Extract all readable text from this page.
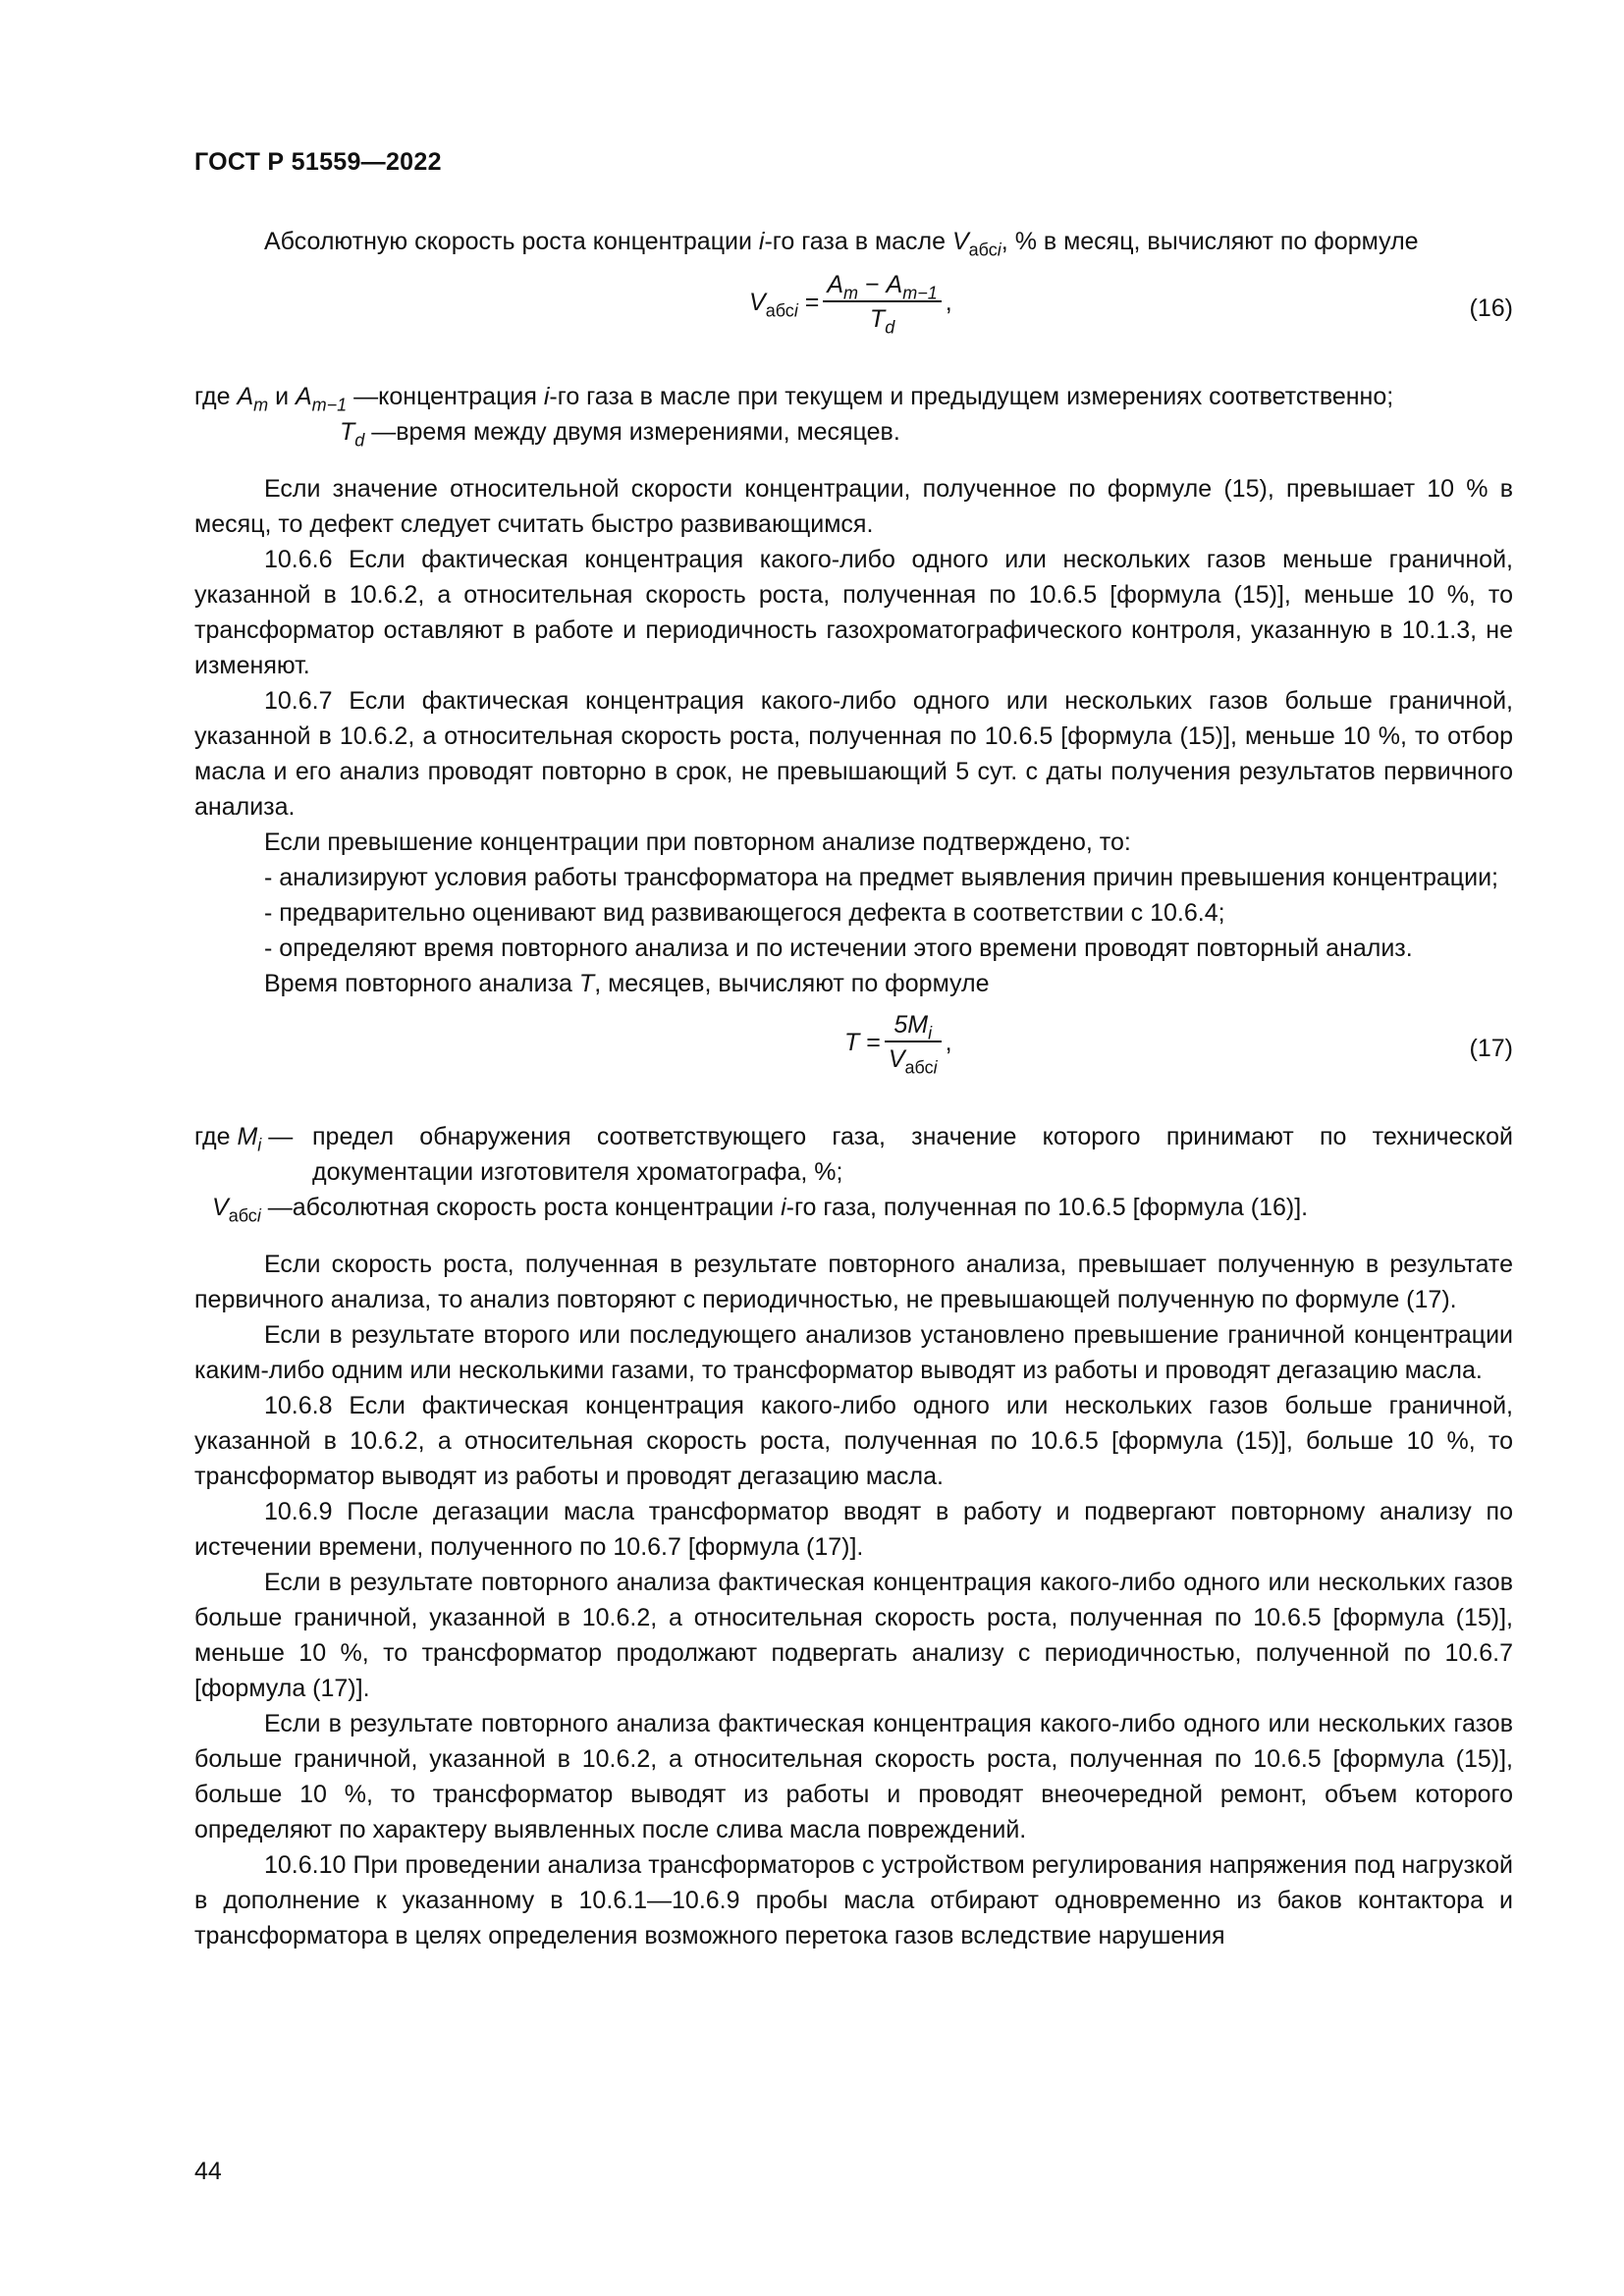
ГОСТ Р 51559—2022

Абсолютную скорость роста концентрации i-го газа в масле $V_{абсi}$, % в месяц, вычисляют по формуле

$V_{абсi} = \frac{A_m - A_{m-1}}{T_d}$ ,	(16)
где $A_m$ и $A_{m-1}$ — концентрация i-го газа в масле при текущем и предыдущем измерениях соответственно;
$T_d$ — время между двумя измерениями, месяцев.

Если значение относительной скорости концентрации, полученное по формуле (15), превышает 10 % в месяц, то дефект следует считать быстро развивающимся.

10.6.6 Если фактическая концентрация какого-либо одного или нескольких газов меньше граничной, указанной в 10.6.2, а относительная скорость роста, полученная по 10.6.5 [формула (15)], меньше 10 %, то трансформатор оставляют в работе и периодичность газохроматографического контроля, указанную в 10.1.3, не изменяют.

10.6.7 Если фактическая концентрация какого-либо одного или нескольких газов больше граничной, указанной в 10.6.2, а относительная скорость роста, полученная по 10.6.5 [формула (15)], меньше 10 %, то отбор масла и его анализ проводят повторно в срок, не превышающий 5 сут. с даты получения результатов первичного анализа.

Если превышение концентрации при повторном анализе подтверждено, то:

- анализируют условия работы трансформатора на предмет выявления причин превышения концентрации;

- предварительно оценивают вид развивающегося дефекта в соответствии с 10.6.4;

- определяют время повторного анализа и по истечении этого времени проводят повторный анализ.

Время повторного анализа T, месяцев, вычисляют по формуле

$T = \frac{5M_i}{V_{абсi}}$ ,	(17)
где $M_i$ — предел обнаружения соответствующего газа, значение которого принимают по технической документации изготовителя хроматографа, %;
$V_{абсi}$ — абсолютная скорость роста концентрации i-го газа, полученная по 10.6.5 [формула (16)].

Если скорость роста, полученная в результате повторного анализа, превышает полученную в результате первичного анализа, то анализ повторяют с периодичностью, не превышающей полученную по формуле (17).

Если в результате второго или последующего анализов установлено превышение граничной концентрации каким-либо одним или несколькими газами, то трансформатор выводят из работы и проводят дегазацию масла.

10.6.8 Если фактическая концентрация какого-либо одного или нескольких газов больше граничной, указанной в 10.6.2, а относительная скорость роста, полученная по 10.6.5 [формула (15)], больше 10 %, то трансформатор выводят из работы и проводят дегазацию масла.

10.6.9 После дегазации масла трансформатор вводят в работу и подвергают повторному анализу по истечении времени, полученного по 10.6.7 [формула (17)].

Если в результате повторного анализа фактическая концентрация какого-либо одного или нескольких газов больше граничной, указанной в 10.6.2, а относительная скорость роста, полученная по 10.6.5 [формула (15)], меньше 10 %, то трансформатор продолжают подвергать анализу с периодичностью, полученной по 10.6.7 [формула (17)].

Если в результате повторного анализа фактическая концентрация какого-либо одного или нескольких газов больше граничной, указанной в 10.6.2, а относительная скорость роста, полученная по 10.6.5 [формула (15)], больше 10 %, то трансформатор выводят из работы и проводят внеочередной ремонт, объем которого определяют по характеру выявленных после слива масла повреждений.

10.6.10 При проведении анализа трансформаторов с устройством регулирования напряжения под нагрузкой в дополнение к указанному в 10.6.1—10.6.9 пробы масла отбирают одновременно из баков контактора и трансформатора в целях определения возможного перетока газов вследствие нарушения

44
